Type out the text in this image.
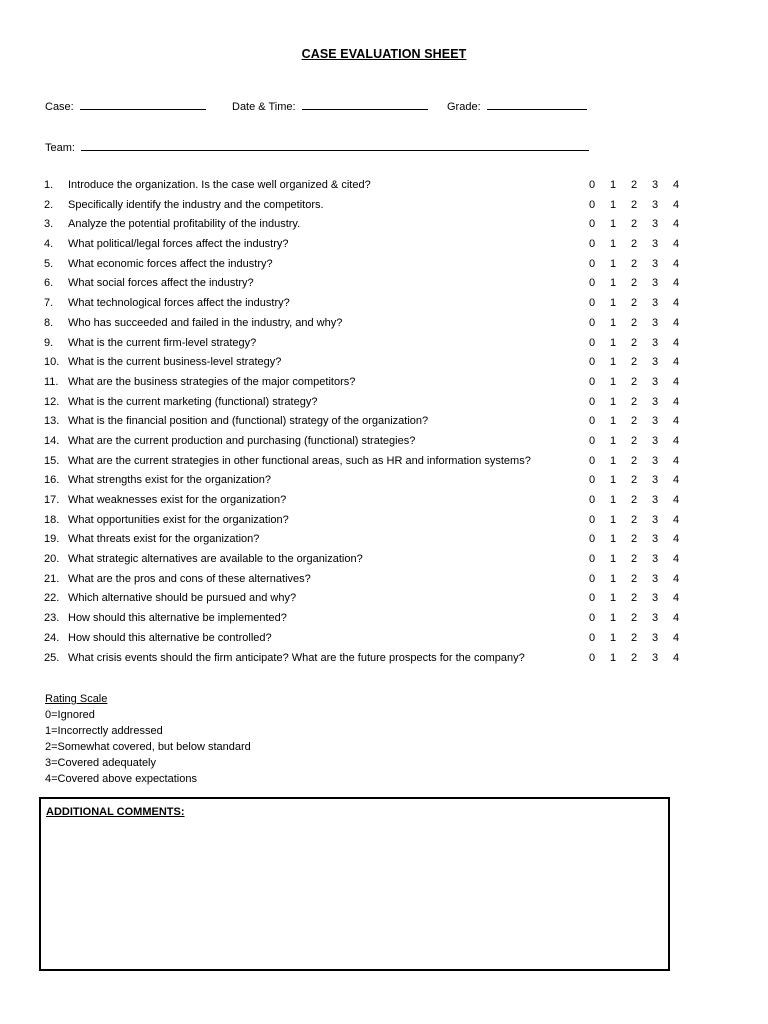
CASE EVALUATION SHEET
Case:	Date & Time:	Grade:
Team:
1.	Introduce the organization. Is the case well organized & cited?	0 1 2 3 4
2.	Specifically identify the industry and the competitors.	0 1 2 3 4
3.	Analyze the potential profitability of the industry.	0 1 2 3 4
4.	What political/legal forces affect the industry?	0 1 2 3 4
5.	What economic forces affect the industry?	0 1 2 3 4
6.	What social forces affect the industry?	0 1 2 3 4
7.	What technological forces affect the industry?	0 1 2 3 4
8.	Who has succeeded and failed in the industry, and why?	0 1 2 3 4
9.	What is the current firm-level strategy?	0 1 2 3 4
10. What is the current business-level strategy?	0 1 2 3 4
11. What are the business strategies of the major competitors?	0 1 2 3 4
12. What is the current marketing (functional) strategy?	0 1 2 3 4
13. What is the financial position and (functional) strategy of the organization?	0 1 2 3 4
14. What are the current production and purchasing (functional) strategies?	0 1 2 3 4
15. What are the current strategies in other functional areas, such as HR and information systems?	0 1 2 3 4
16. What strengths exist for the organization?	0 1 2 3 4
17. What weaknesses exist for the organization?	0 1 2 3 4
18. What opportunities exist for the organization?	0 1 2 3 4
19. What threats exist for the organization?	0 1 2 3 4
20. What strategic alternatives are available to the organization?	0 1 2 3 4
21. What are the pros and cons of these alternatives?	0 1 2 3 4
22. Which alternative should be pursued and why?	0 1 2 3 4
23. How should this alternative be implemented?	0 1 2 3 4
24. How should this alternative be controlled?	0 1 2 3 4
25. What crisis events should the firm anticipate? What are the future prospects for the company?	0 1 2 3 4
Rating Scale
0=Ignored
1=Incorrectly addressed
2=Somewhat covered, but below standard
3=Covered adequately
4=Covered above expectations
ADDITIONAL COMMENTS:
